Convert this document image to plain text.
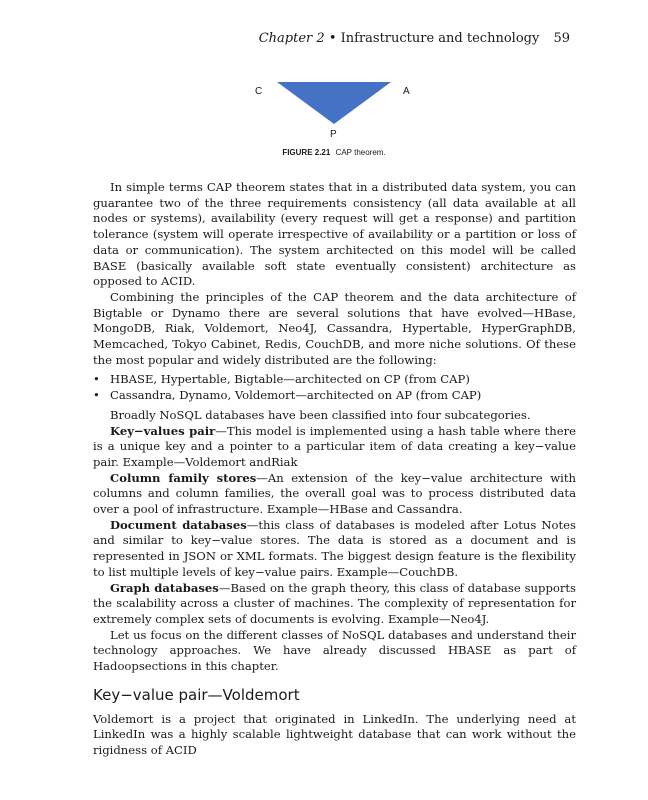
Chapter 2 • Infrastructure and technology 59
C	A
P
FIGURE 2.21 CAP theorem.

In simple terms CAP theorem states that in a distributed data system, you can guarantee two of the three requirements consistency (all data available at all nodes or systems), availability (every request will get a response) and partition tolerance (system will operate irrespective of availability or a partition or loss of data or communication). The system architected on this model will be called BASE (basically available soft state eventually consistent) architecture as opposed to ACID.

Combining the principles of the CAP theorem and the data architecture of Bigtable or Dynamo there are several solutions that have evolved—HBase, MongoDB, Riak, Voldemort, Neo4J, Cassandra, Hypertable, HyperGraphDB, Memcached, Tokyo Cabinet, Redis, CouchDB, and more niche solutions. Of these the most popular and widely distributed are the following:

• HBASE, Hypertable, Bigtable—architected on CP (from CAP)
• Cassandra, Dynamo, Voldemort—architected on AP (from CAP)

Broadly NoSQL databases have been classified into four subcategories.

Key−values pair—This model is implemented using a hash table where there is a unique key and a pointer to a particular item of data creating a key−value pair. Example—Voldemort andRiak

Column family stores—An extension of the key−value architecture with columns and column families, the overall goal was to process distributed data over a pool of infrastructure. Example—HBase and Cassandra.

Document databases—this class of databases is modeled after Lotus Notes and similar to key−value stores. The data is stored as a document and is represented in JSON or XML formats. The biggest design feature is the flexibility to list multiple levels of key−value pairs. Example—CouchDB.

Graph databases—Based on the graph theory, this class of database supports the scalability across a cluster of machines. The complexity of representation for extremely complex sets of documents is evolving. Example—Neo4J.

Let us focus on the different classes of NoSQL databases and understand their technology approaches. We have already discussed HBASE as part of Hadoopsections in this chapter.

Key−value pair—Voldemort

Voldemort is a project that originated in LinkedIn. The underlying need at LinkedIn was a highly scalable lightweight database that can work without the rigidness of ACID
